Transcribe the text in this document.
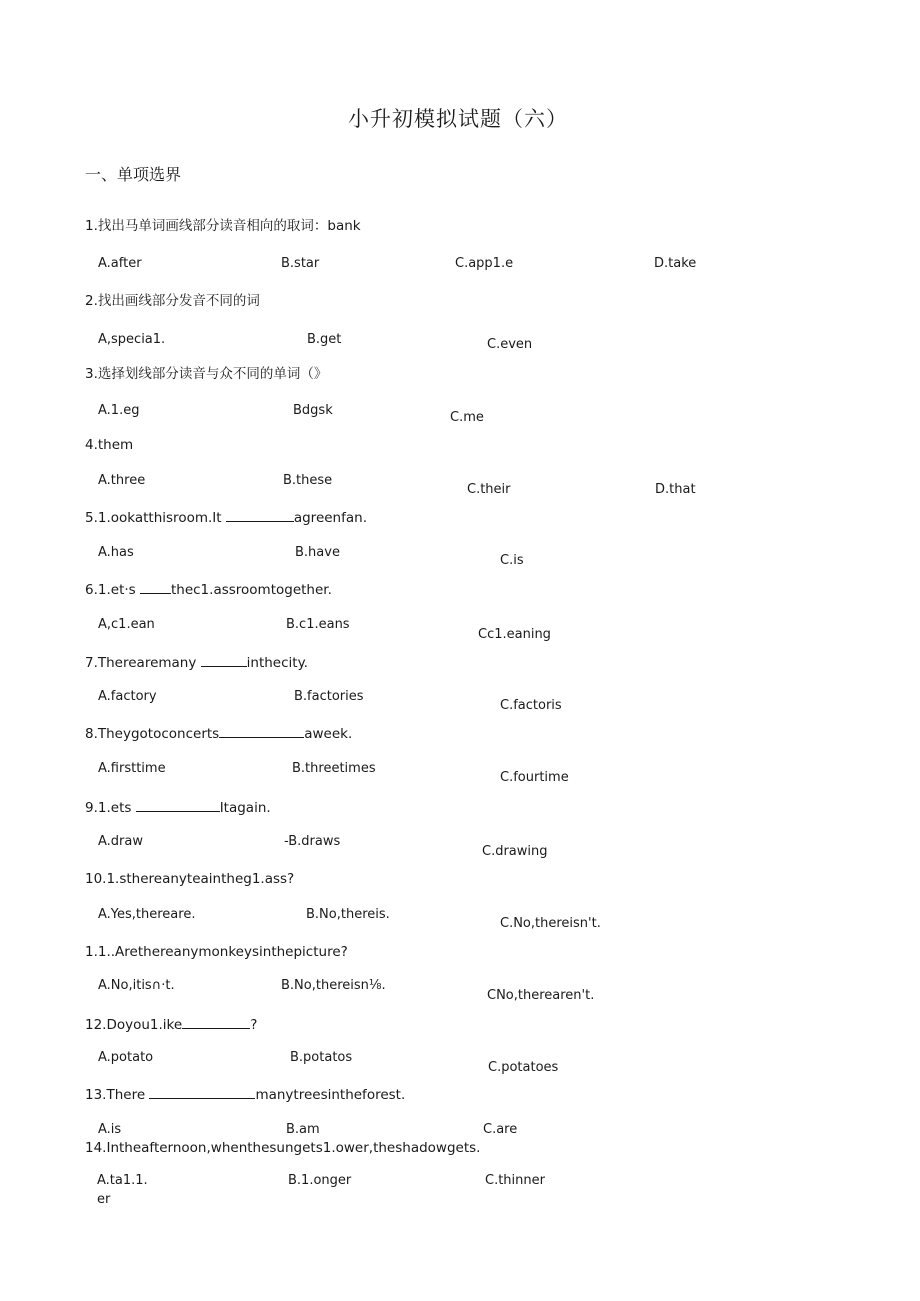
小升初模拟试题（六）
一、单项选界
1.找出马单词画线部分读音相向的取词：bank
A.after	B.star	C.app1.e	D.take
2.找出画线部分发音不同的词
A,specia1.	B.get	C.even
3.选择划线部分读音与众不同的单词（》
A.1.eg	Bdgsk	C.me
4.them
A.three	B.these
C.their	D.that
5.1.ookatthisroom.It	agreenfan.
A.has	B.have
C.is
6.1.et·s thec1.assroomtogether.
A,c1.ean	B.c1.eans
Cc1.eaning
7.Therearemany	inthecity.
A.factory	B.factories
C.factoris
8.Theygotoconcerts	aweek.
A.firsttime	B.threetimes
C.fourtime
9.1.ets	Itagain.
A.draw	-B.draws
C.drawing
10.1.sthereanyteaintheg1.ass?
A.Yes,thereare.	B.No,thereis.
C.No,thereisn't.
1.1..Arethereanymonkeysinthepicture?
A.No,itis∩·t.	B.No,thereisn⅛.
CNo,therearen't.
12.Doyou1.ike	?
A.potato	B.potatos
C.potatoes
13.There	manytreesintheforest.
A.is	B.am	C.are
14.Intheafternoon,whenthesungets1.ower,theshadowgets.
A.ta1.1.
er
B.1.onger	C.thinner
